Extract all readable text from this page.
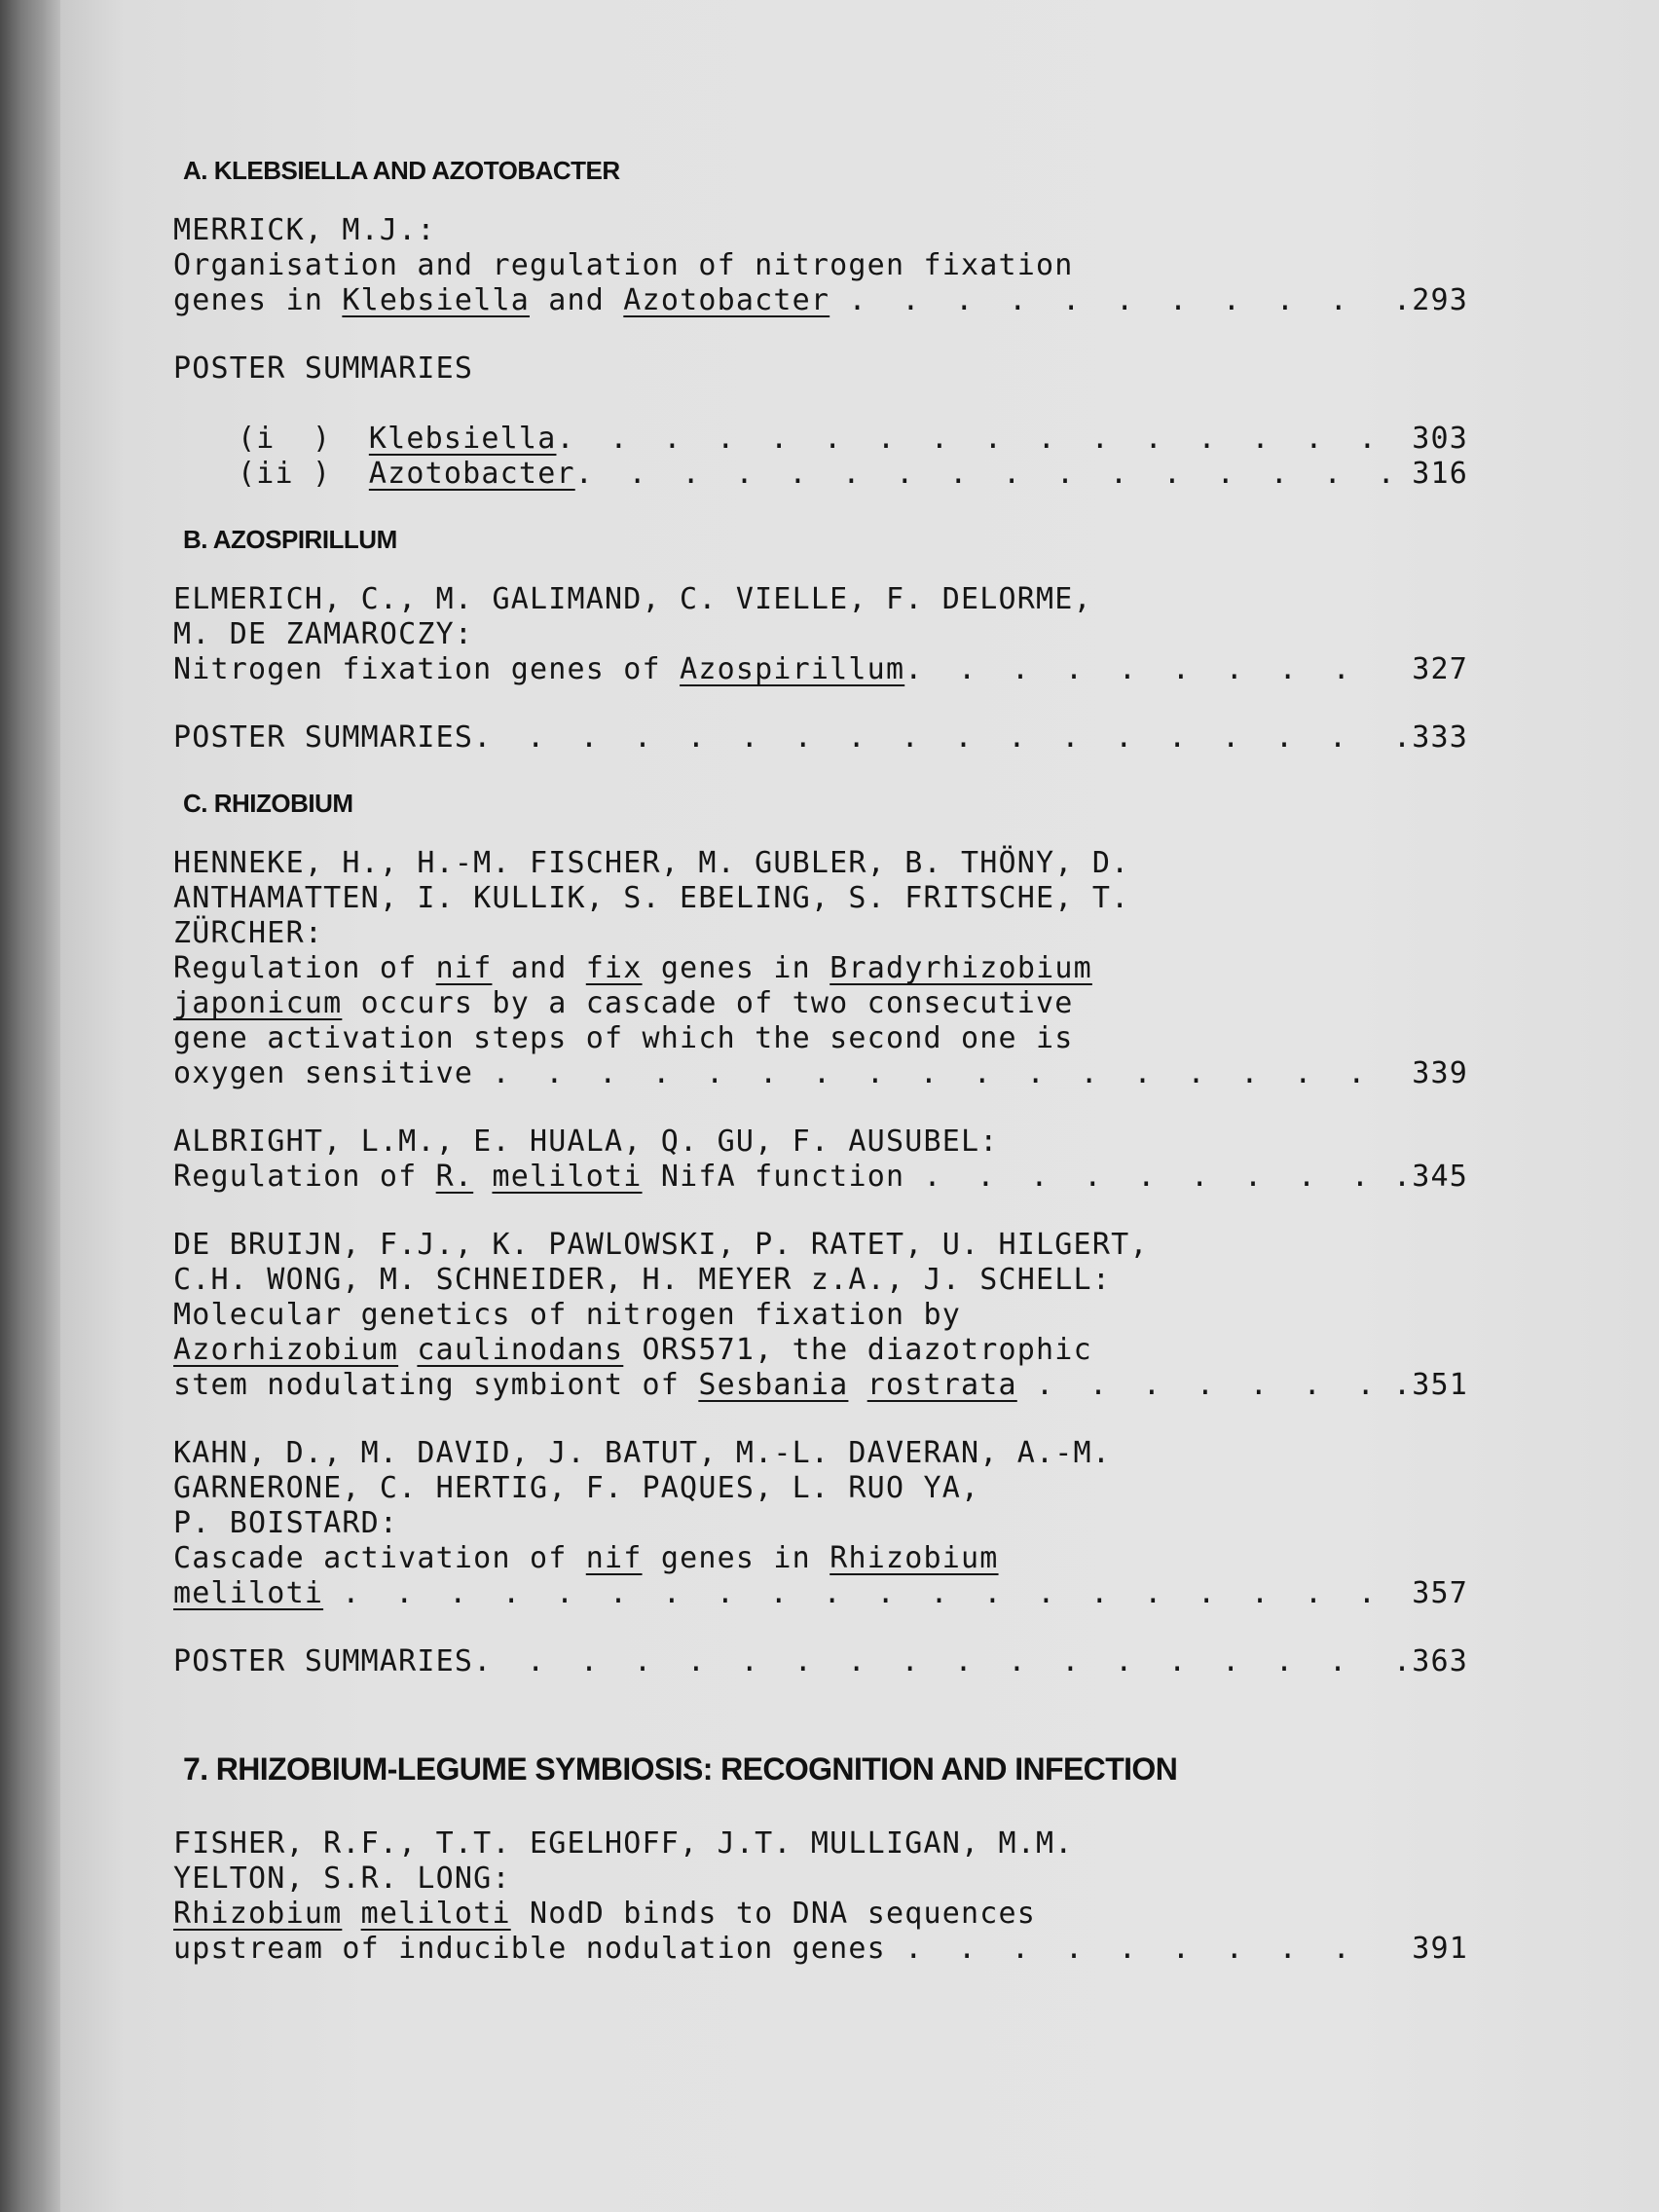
A. KLEBSIELLA AND AZOTOBACTER
MERRICK, M.J.:
Organisation and regulation of nitrogen fixation
genes in Klebsiella and Azotobacter . . .	.293
POSTER SUMMARIES
(i  ) Klebsiella . . .	303
(ii ) Azotobacter . . .	316
B. AZOSPIRILLUM
ELMERICH, C., M. GALIMAND, C. VIELLE, F. DELORME,
M. DE ZAMAROCZY:
Nitrogen fixation genes of Azospirillum . . .	327
POSTER SUMMARIES . . .	.333
C. RHIZOBIUM
HENNEKE, H., H.-M. FISCHER, M. GUBLER, B. THÖNY, D.
ANTHAMATTEN, I. KULLIK, S. EBELING, S. FRITSCHE, T.
ZÜRCHER:
Regulation of nif and fix genes in Bradyrhizobium
japonicum occurs by a cascade of two consecutive
gene activation steps of which the second one is
oxygen sensitive . . .	339
ALBRIGHT, L.M., E. HUALA, Q. GU, F. AUSUBEL:
Regulation of R. meliloti NifA function . . .	.345
DE BRUIJN, F.J., K. PAWLOWSKI, P. RATET, U. HILGERT,
C.H. WONG, M. SCHNEIDER, H. MEYER z.A., J. SCHELL:
Molecular genetics of nitrogen fixation by
Azorhizobium caulinodans ORS571, the diazotrophic
stem nodulating symbiont of Sesbania rostrata . . .	.351
KAHN, D., M. DAVID, J. BATUT, M.-L. DAVERAN, A.-M.
GARNERONE, C. HERTIG, F. PAQUES, L. RUO YA,
P. BOISTARD:
Cascade activation of nif genes in Rhizobium
meliloti . . .	357
POSTER SUMMARIES . . .	.363
7. RHIZOBIUM-LEGUME SYMBIOSIS: RECOGNITION AND INFECTION
FISHER, R.F., T.T. EGELHOFF, J.T. MULLIGAN, M.M.
YELTON, S.R. LONG:
Rhizobium meliloti NodD binds to DNA sequences
upstream of inducible nodulation genes . . .	391
